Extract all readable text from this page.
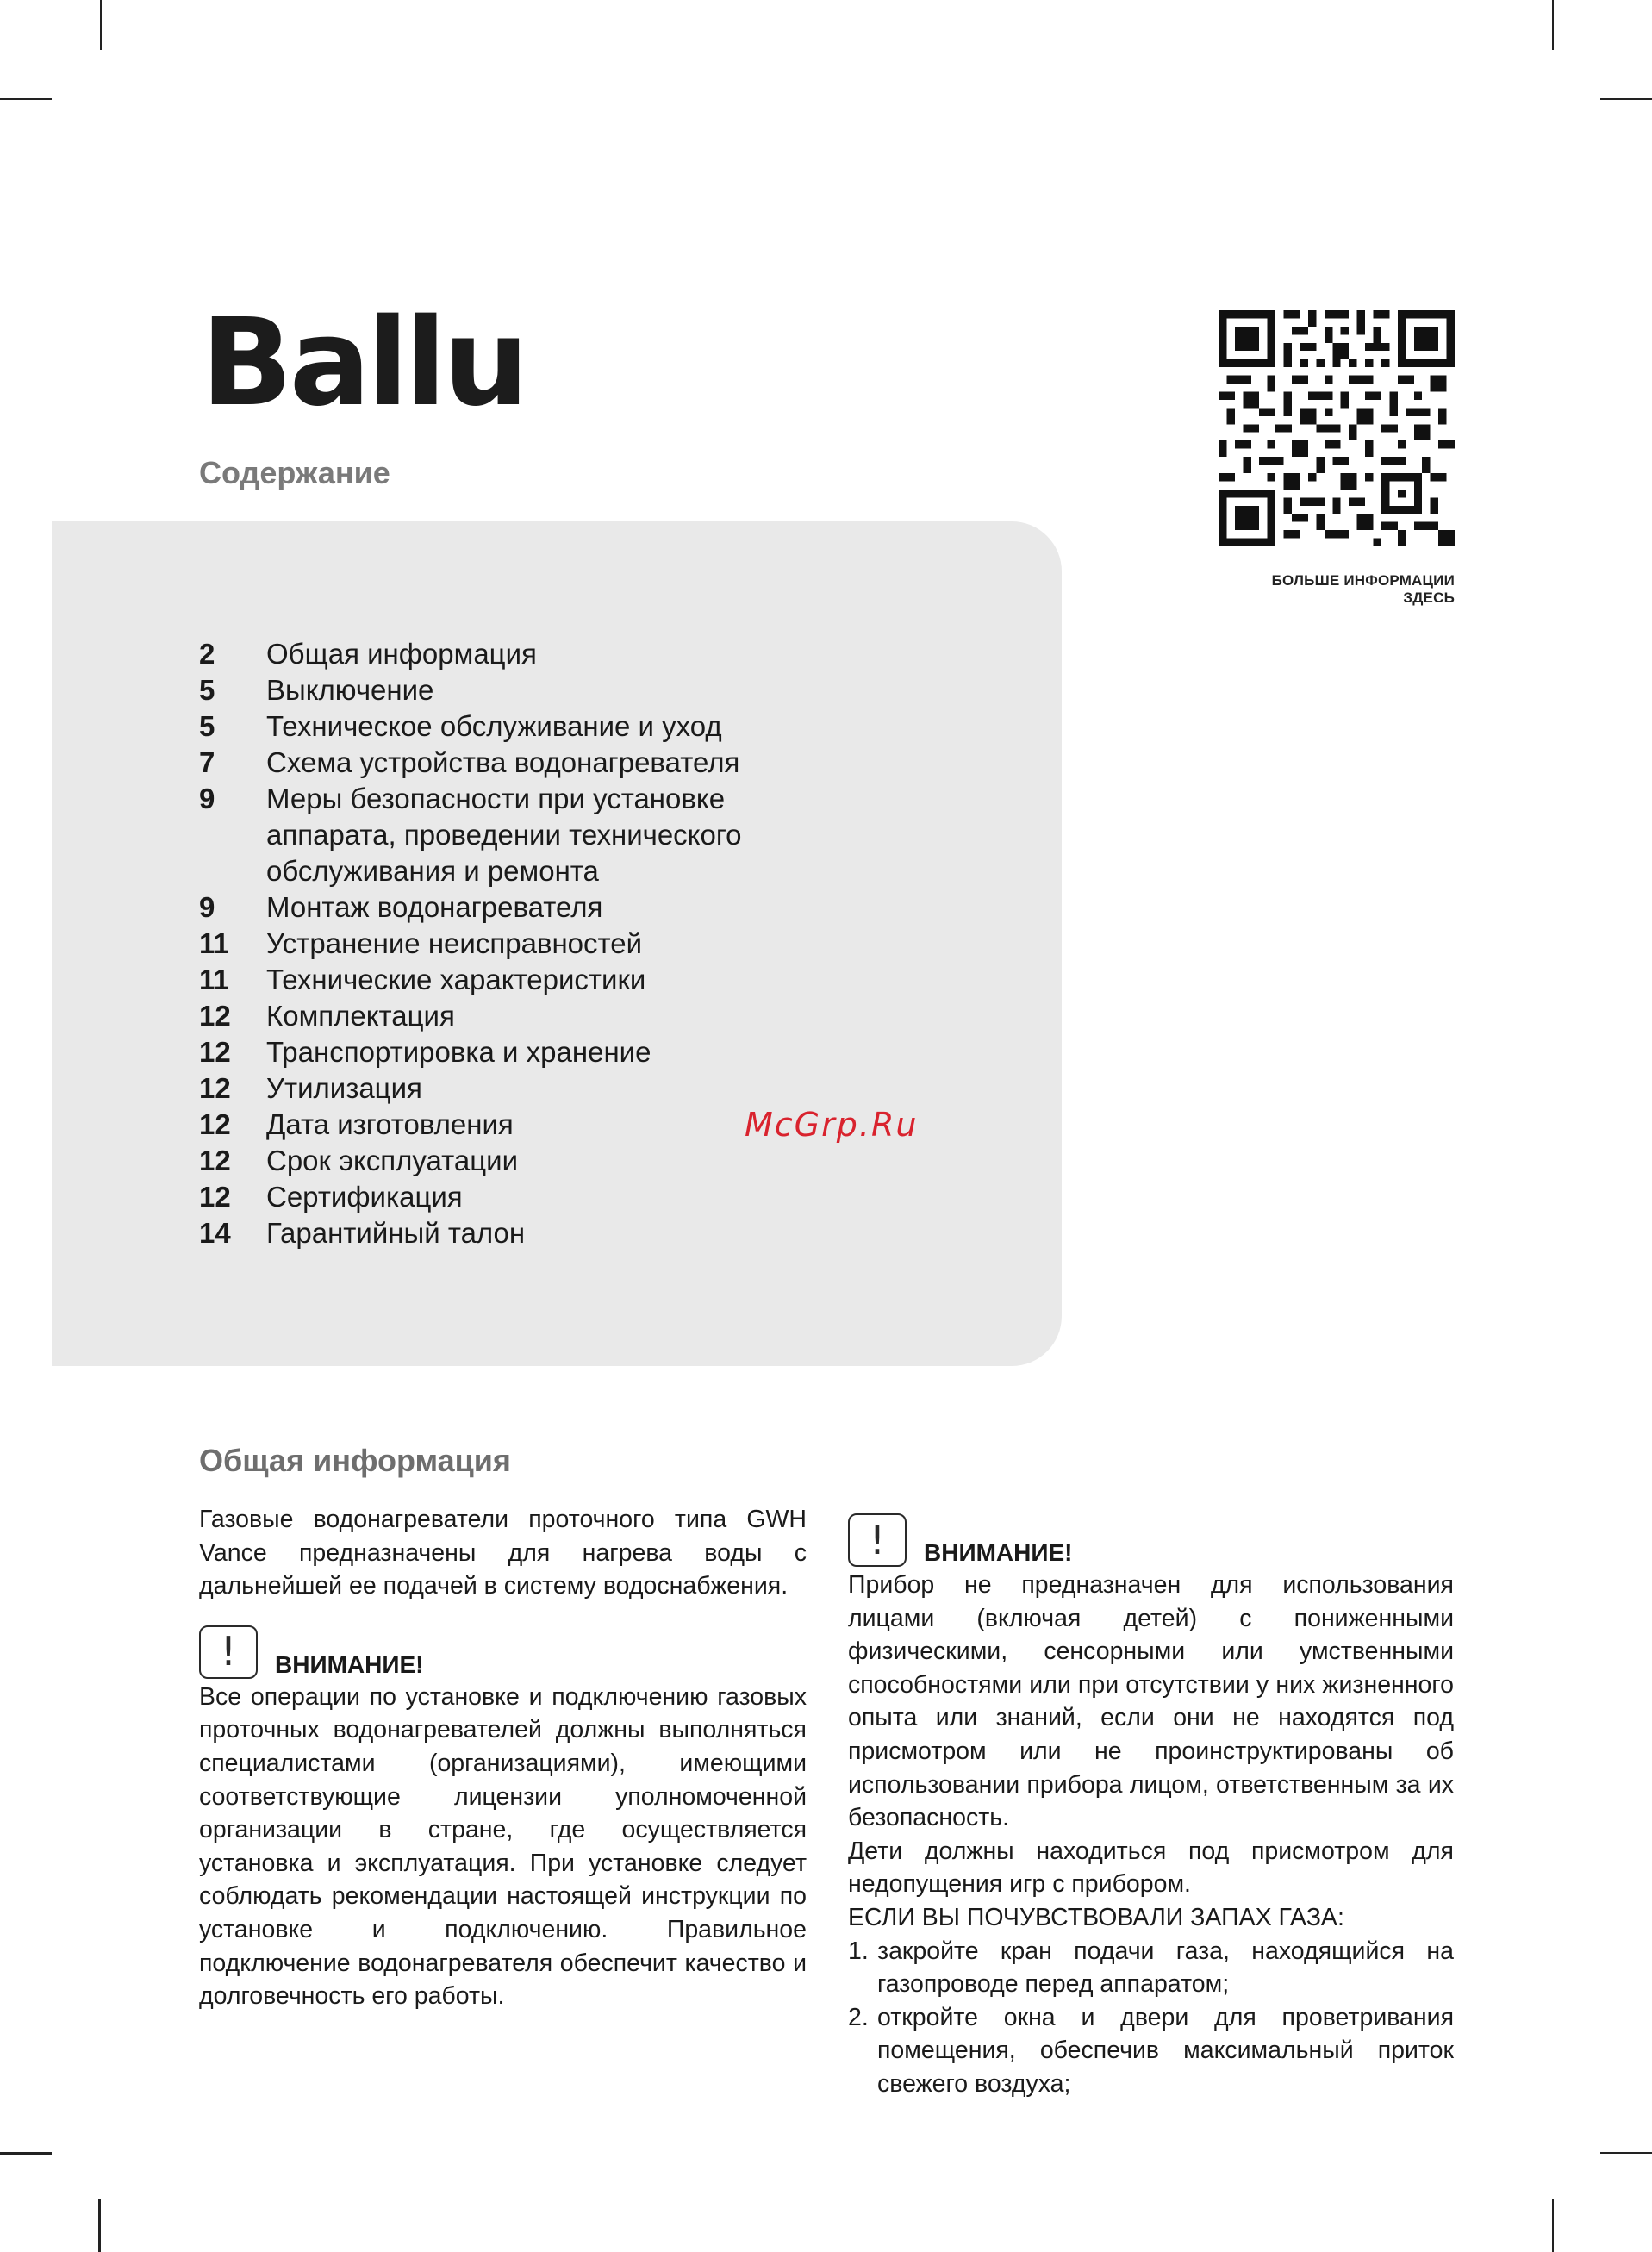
Ballu
Содержание
БОЛЬШЕ ИНФОРМАЦИИ ЗДЕСЬ
2	Общая информация
5	Выключение
5	Техническое обслуживание и уход
7	Схема устройства водонагревателя
9	Меры безопасности при установке аппарата, проведении технического обслуживания и ремонта
9	Монтаж водонагревателя
11	Устранение неисправностей
11	Технические характеристики
12	Комплектация
12	Транспортировка и хранение
12	Утилизация
12	Дата изготовления
12	Срок эксплуатации
12	Сертификация
14	Гарантийный талон
McGrp.Ru
Общая информация

Газовые водонагреватели проточного типа GWH Vance предназначены для нагрева воды с дальнейшей ее подачей в систему водоснабжения.

!	ВНИМАНИЕ!

Все операции по установке и подключению газовых проточных водонагревателей должны выполняться специалистами (организациями), имеющими соответствующие лицензии уполномоченной организации в стране, где осуществляется установка и эксплуатация. При установке следует соблюдать рекомендации настоящей инструкции по установке и подключению. Правильное подключение водонагревателя обеспечит качество и долговечность его работы.

!	ВНИМАНИЕ!

Прибор не предназначен для использования лицами (включая детей) с пониженными физическими, сенсорными или умственными способностями или при отсутствии у них жизненного опыта или знаний, если они не находятся под присмотром или не проинструктированы об использовании прибора лицом, ответственным за их безопасность.

Дети должны находиться под присмотром для недопущения игр с прибором.

ЕСЛИ ВЫ ПОЧУВСТВОВАЛИ ЗАПАХ ГАЗА:

1. закройте кран подачи газа, находящийся на газопроводе перед аппаратом;
2. откройте окна и двери для проветривания помещения, обеспечив максимальный приток свежего воздуха;
